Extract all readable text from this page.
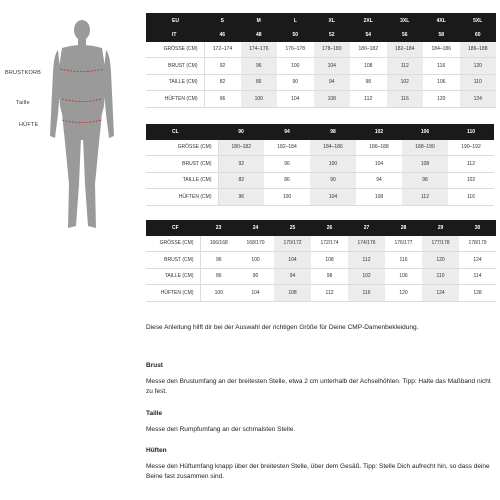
BRUSTKORB
Taille
HÜFTE
EU	S	M	L	XL	2XL	3XL	4XL	5XL
IT	46	48	50	52	54	56	58	60
GRÖSSE (CM)	172–174	174–176	176–178	178–180	180–182	182–184	184–186	186–188
BRUST (CM)	92	96	100	104	108	112	116	120
TAILLE (CM)	82	86	90	94	98	102	106	110
HÜFTEN (CM)	96	100	104	108	112	116	120	124
CL	90	94	98	102	106	110
GRÖSSE (CM)	180–182	182–184	184–186	186–188	188–190	190–192
BRUST (CM)	92	96	100	104	108	112
TAILLE (CM)	82	86	90	94	98	102
HÜFTEN (CM)	96	100	104	108	112	116
CF	23	24	25	26	27	28	29	30
GRÖSSE (CM)	166/168	168/170	170/172	172/174	174/176	176/177	177/178	178/179
BRUST (CM)	96	100	104	108	112	116	120	124
TAILLE (CM)	86	90	94	98	102	106	110	114
HÜFTEN (CM)	100	104	108	112	116	120	124	128

Diese Anleitung hilft dir bei der Auswahl der richtigen Größe für Deine CMP-Damenbekleidung.

Brust

Messe den Brustumfang an der breitesten Stelle, etwa 2 cm unterhalb der Achselhöhlen. Tipp: Halte das Maßband nicht zu fest.

Taille

Messe den Rumpfumfang an der schmalsten Stelle.

Hüften

Messe den Hüftumfang knapp über der breitesten Stelle, über dem Gesäß. Tipp: Stelle Dich aufrecht hin, so dass deine Beine fast zusammen sind.
